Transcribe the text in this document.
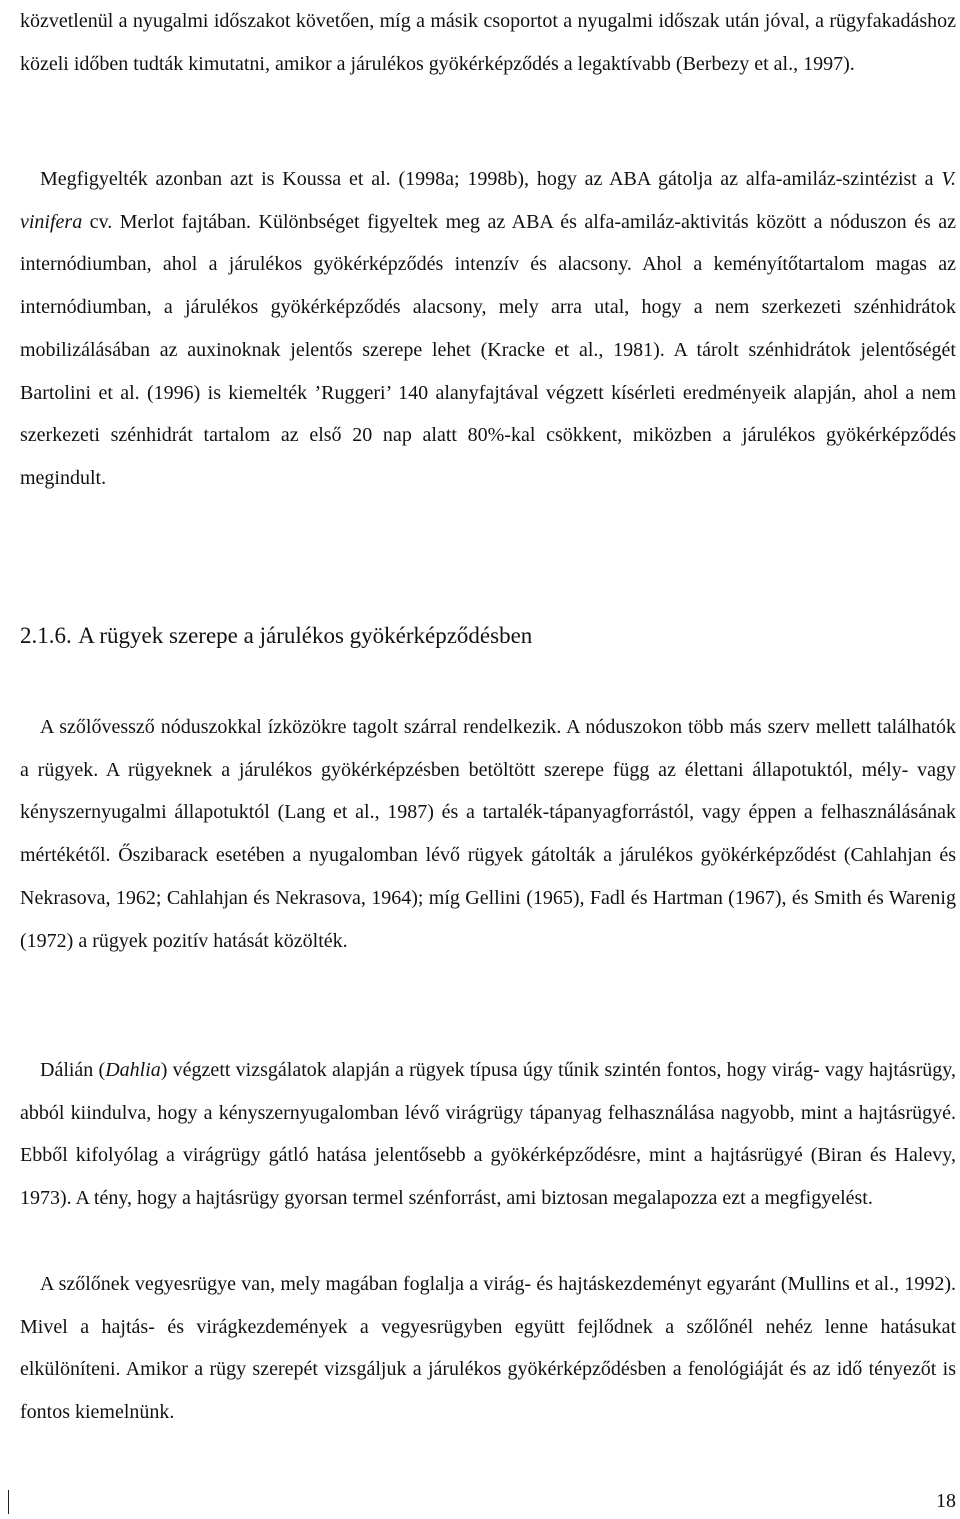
közvetlenül a nyugalmi időszakot követően, míg a másik csoportot a nyugalmi időszak után jóval, a rügyfakadáshoz közeli időben tudták kimutatni, amikor a járulékos gyökérképződés a legaktívabb (Berbezy et al., 1997).

Megfigyelték azonban azt is Koussa et al. (1998a; 1998b), hogy az ABA gátolja az alfa-amiláz-szintézist a V. vinifera cv. Merlot fajtában. Különbséget figyeltek meg az ABA és alfa-amiláz-aktivitás között a nóduszon és az internódiumban, ahol a járulékos gyökérképződés intenzív és alacsony. Ahol a keményítőtartalom magas az internódiumban, a járulékos gyökérképződés alacsony, mely arra utal, hogy a nem szerkezeti szénhidrátok mobilizálásában az auxinoknak jelentős szerepe lehet (Kracke et al., 1981). A tárolt szénhidrátok jelentőségét Bartolini et al. (1996) is kiemelték ’Ruggeri’ 140 alanyfajtával végzett kísérleti eredményeik alapján, ahol a nem szerkezeti szénhidrát tartalom az első 20 nap alatt 80%-kal csökkent, miközben a járulékos gyökérképződés megindult.

2.1.6. A rügyek szerepe a járulékos gyökérképződésben

A szőlővessző nóduszokkal ízközökre tagolt szárral rendelkezik. A nóduszokon több más szerv mellett találhatók a rügyek. A rügyeknek a járulékos gyökérképzésben betöltött szerepe függ az élettani állapotuktól, mély- vagy kényszernyugalmi állapotuktól (Lang et al., 1987) és a tartalék-tápanyagforrástól, vagy éppen a felhasználásának mértékétől. Őszibarack esetében a nyugalomban lévő rügyek gátolták a járulékos gyökérképződést (Cahlahjan és Nekrasova, 1962; Cahlahjan és Nekrasova, 1964); míg Gellini (1965), Fadl és Hartman (1967), és Smith és Warenig (1972) a rügyek pozitív hatását közölték.

Dálián (Dahlia) végzett vizsgálatok alapján a rügyek típusa úgy tűnik szintén fontos, hogy virág- vagy hajtásrügy, abból kiindulva, hogy a kényszernyugalomban lévő virágrügy tápanyag felhasználása nagyobb, mint a hajtásrügyé. Ebből kifolyólag a virágrügy gátló hatása jelentősebb a gyökérképződésre, mint a hajtásrügyé (Biran és Halevy, 1973). A tény, hogy a hajtásrügy gyorsan termel szénforrást, ami biztosan megalapozza ezt a megfigyelést.

A szőlőnek vegyesrügye van, mely magában foglalja a virág- és hajtáskezdeményt egyaránt (Mullins et al., 1992). Mivel a hajtás- és virágkezdemények a vegyesrügyben együtt fejlődnek a szőlőnél nehéz lenne hatásukat elkülöníteni. Amikor a rügy szerepét vizsgáljuk a járulékos gyökérképződésben a fenológiáját és az idő tényezőt is fontos kiemelnünk.

18
